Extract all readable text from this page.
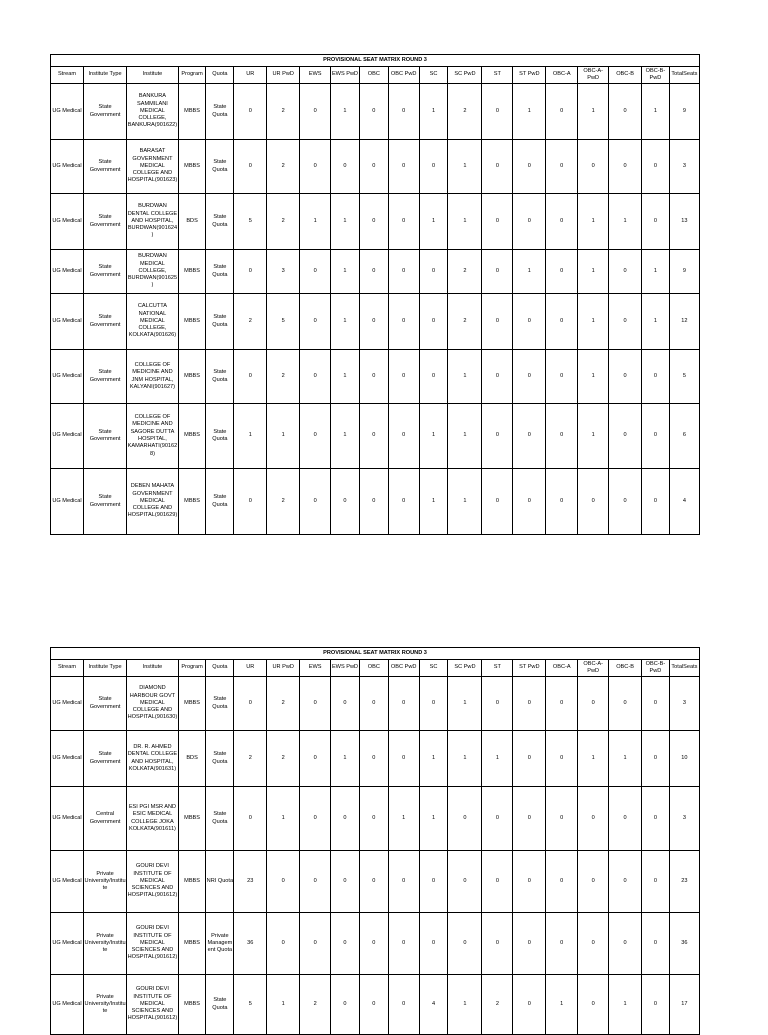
PROVISIONAL SEAT MATRIX ROUND 3																			
Stream	Institute Type	Institute	Program	Quota	UR	UR PwD	EWS	EWS PwD	OBC	OBC PwD	SC	SC PwD	ST	ST PwD	OBC-A	OBC-A-PwD	OBC-B	OBC-B-PwD	TotalSeats
UG Medical	State Government	BANKURA SAMMILANI MEDICAL COLLEGE, BANKURA(901622)	MBBS	State Quota	0	2	0	1	0	0	1	2	0	1	0	1	0	1	9
UG Medical	State Government	BARASAT GOVERNMENT MEDICAL COLLEGE AND HOSPITAL(901623)	MBBS	State Quota	0	2	0	0	0	0	0	1	0	0	0	0	0	0	3
UG Medical	State Government	BURDWAN DENTAL COLLEGE AND HOSPITAL, BURDWAN(901624)	BDS	State Quota	5	2	1	1	0	0	1	1	0	0	0	1	1	0	13
UG Medical	State Government	BURDWAN MEDICAL COLLEGE, BURDWAN(901625)	MBBS	State Quota	0	3	0	1	0	0	0	2	0	1	0	1	0	1	9
UG Medical	State Government	CALCUTTA NATIONAL MEDICAL COLLEGE, KOLKATA(901626)	MBBS	State Quota	2	5	0	1	0	0	0	2	0	0	0	1	0	1	12
UG Medical	State Government	COLLEGE OF MEDICINE AND JNM HOSPITAL, KALYANI(901627)	MBBS	State Quota	0	2	0	1	0	0	0	1	0	0	0	1	0	0	5
UG Medical	State Government	COLLEGE OF MEDICINE AND SAGORE DUTTA HOSPITAL, KAMARHATI(901628)	MBBS	State Quota	1	1	0	1	0	0	1	1	0	0	0	1	0	0	6
UG Medical	State Government	DEBEN MAHATA GOVERNMENT MEDICAL COLLEGE AND HOSPITAL(901629)	MBBS	State Quota	0	2	0	0	0	0	1	1	0	0	0	0	0	0	4
PROVISIONAL SEAT MATRIX ROUND 3																			
Stream	Institute Type	Institute	Program	Quota	UR	UR PwD	EWS	EWS PwD	OBC	OBC PwD	SC	SC PwD	ST	ST PwD	OBC-A	OBC-A-PwD	OBC-B	OBC-B-PwD	TotalSeats
UG Medical	State Government	DIAMOND HARBOUR GOVT MEDICAL COLLEGE AND HOSPITAL(901630)	MBBS	State Quota	0	2	0	0	0	0	0	1	0	0	0	0	0	0	3
UG Medical	State Government	DR. R. AHMED DENTAL COLLEGE AND HOSPITAL, KOLKATA(901631)	BDS	State Quota	2	2	0	1	0	0	1	1	1	0	0	1	1	0	10
UG Medical	Central Government	ESI PGI MSR AND ESIC MEDICAL COLLEGE JOKA KOLKATA(901611)	MBBS	State Quota	0	1	0	0	0	1	1	0	0	0	0	0	0	0	3
UG Medical	Private University/Institute	GOURI DEVI INSTITUTE OF MEDICAL SCIENCES AND HOSPITAL(901612)	MBBS	NRI Quota	23	0	0	0	0	0	0	0	0	0	0	0	0	0	23
UG Medical	Private University/Institute	GOURI DEVI INSTITUTE OF MEDICAL SCIENCES AND HOSPITAL(901612)	MBBS	Private Management Quota	36	0	0	0	0	0	0	0	0	0	0	0	0	0	36
UG Medical	Private University/Institute	GOURI DEVI INSTITUTE OF MEDICAL SCIENCES AND HOSPITAL(901612)	MBBS	State Quota	5	1	2	0	0	0	4	1	2	0	1	0	1	0	17
